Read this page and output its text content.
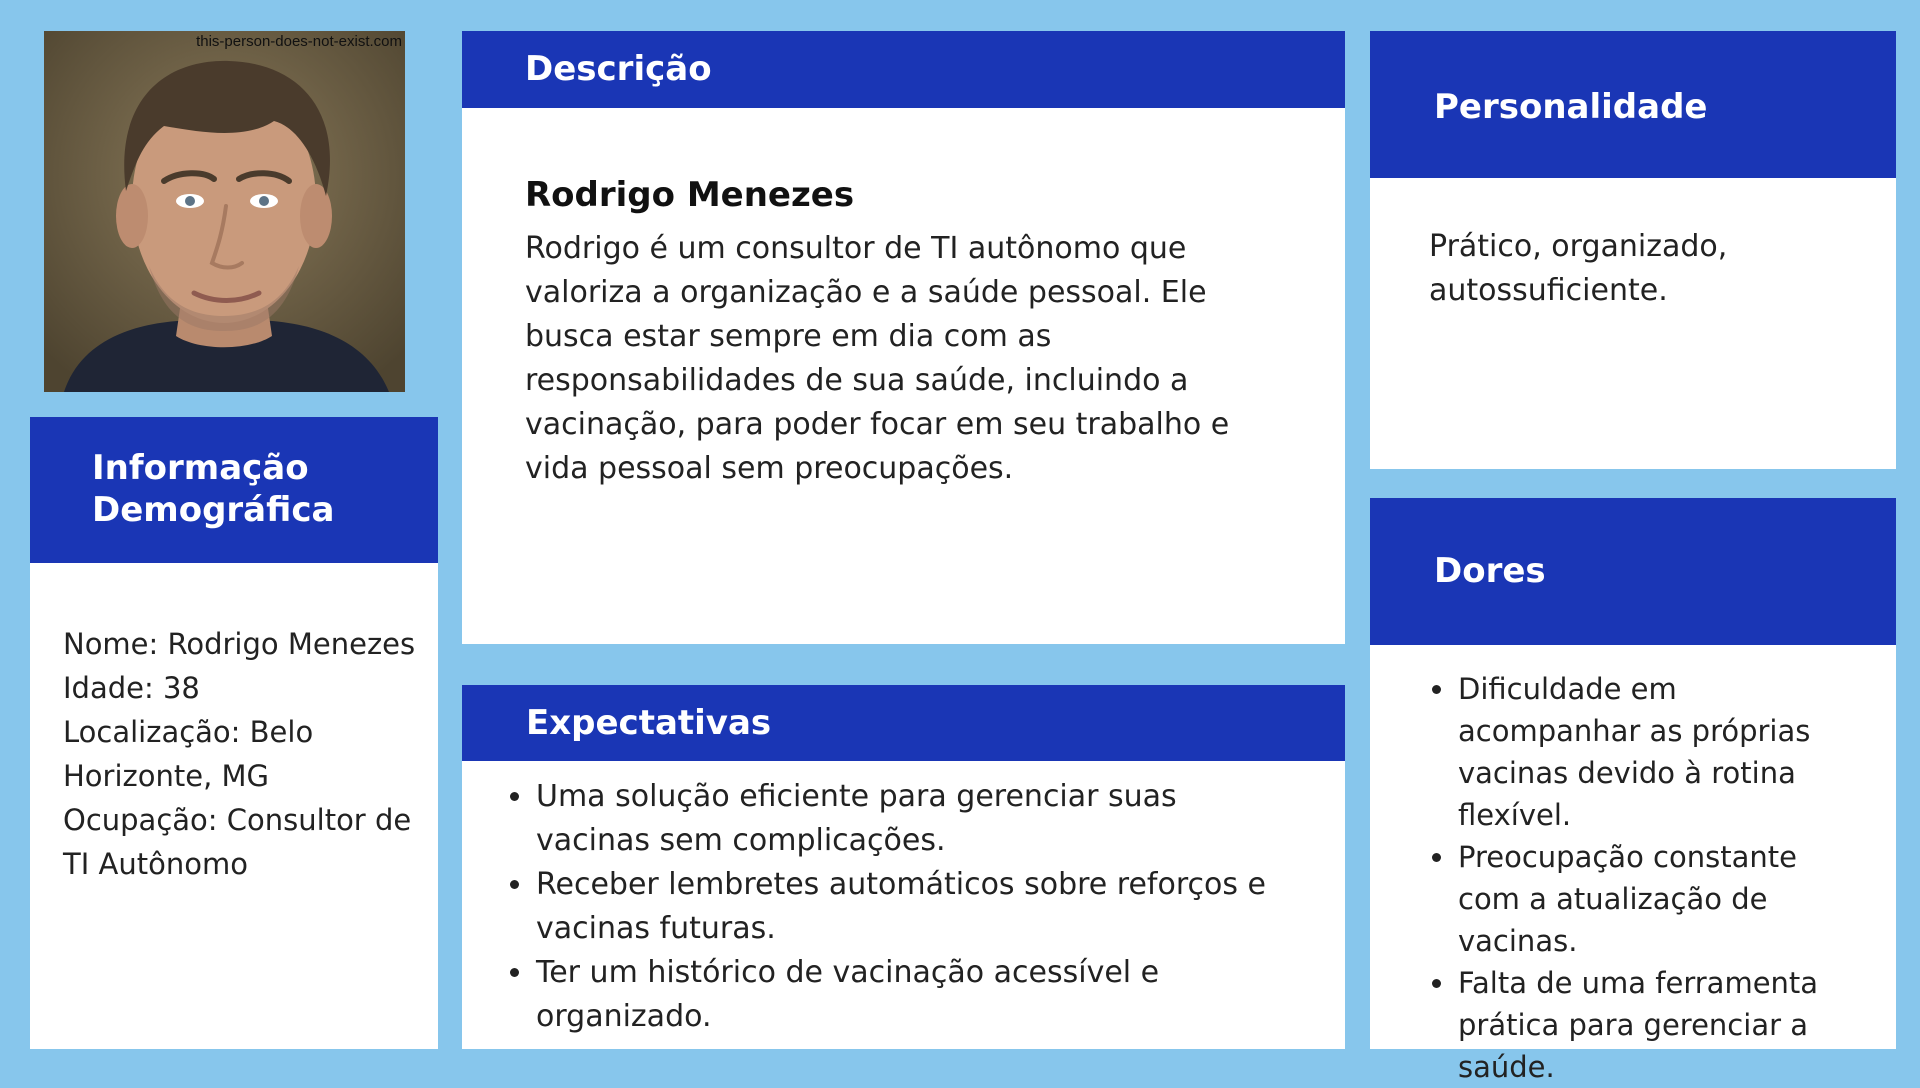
this-person-does-not-exist.com
Informação
Demográfica
Nome: Rodrigo Menezes
Idade: 38
Localização: Belo
Horizonte, MG
Ocupação: Consultor de
TI Autônomo
Descrição
Rodrigo Menezes
Rodrigo é um consultor de TI autônomo que valoriza a organização e a saúde pessoal. Ele busca estar sempre em dia com as responsabilidades de sua saúde, incluindo a vacinação, para poder focar em seu trabalho e vida pessoal sem preocupações.
Expectativas
Uma solução eficiente para gerenciar suas vacinas sem complicações.
Receber lembretes automáticos sobre reforços e vacinas futuras.
Ter um histórico de vacinação acessível e organizado.
Personalidade
Prático, organizado, autossuficiente.
Dores
Dificuldade em acompanhar as próprias vacinas devido à rotina flexível.
Preocupação constante com a atualização de vacinas.
Falta de uma ferramenta prática para gerenciar a saúde.
